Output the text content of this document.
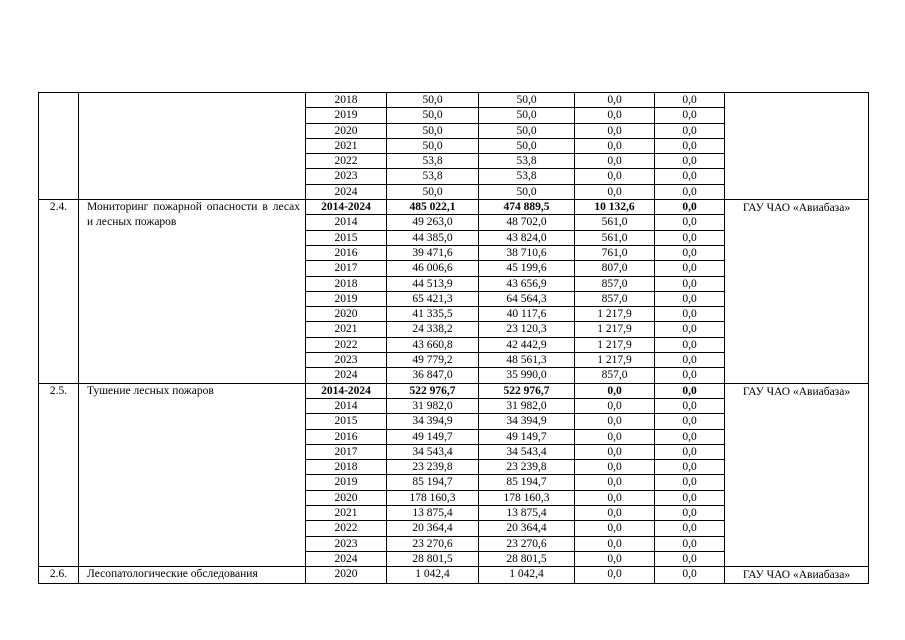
		2018	50,0	50,0	0,0	0,0	
		2019	50,0	50,0	0,0	0,0	
		2020	50,0	50,0	0,0	0,0	
		2021	50,0	50,0	0,0	0,0	
		2022	53,8	53,8	0,0	0,0	
		2023	53,8	53,8	0,0	0,0	
		2024	50,0	50,0	0,0	0,0	
2.4.	Мониторинг пожарной опасности в лесах и лесных пожаров	2014-2024	485 022,1	474 889,5	10 132,6	0,0	ГАУ ЧАО «Авиабаза»
		2014	49 263,0	48 702,0	561,0	0,0	
		2015	44 385,0	43 824,0	561,0	0,0	
		2016	39 471,6	38 710,6	761,0	0,0	
		2017	46 006,6	45 199,6	807,0	0,0	
		2018	44 513,9	43 656,9	857,0	0,0	
		2019	65 421,3	64 564,3	857,0	0,0	
		2020	41 335,5	40 117,6	1 217,9	0,0	
		2021	24 338,2	23 120,3	1 217,9	0,0	
		2022	43 660,8	42 442,9	1 217,9	0,0	
		2023	49 779,2	48 561,3	1 217,9	0,0	
		2024	36 847,0	35 990,0	857,0	0,0	
2.5.	Тушение лесных пожаров	2014-2024	522 976,7	522 976,7	0,0	0,0	ГАУ ЧАО «Авиабаза»
		2014	31 982,0	31 982,0	0,0	0,0	
		2015	34 394,9	34 394,9	0,0	0,0	
		2016	49 149,7	49 149,7	0,0	0,0	
		2017	34 543,4	34 543,4	0,0	0,0	
		2018	23 239,8	23 239,8	0,0	0,0	
		2019	85 194,7	85 194,7	0,0	0,0	
		2020	178 160,3	178 160,3	0,0	0,0	
		2021	13 875,4	13 875,4	0,0	0,0	
		2022	20 364,4	20 364,4	0,0	0,0	
		2023	23 270,6	23 270,6	0,0	0,0	
		2024	28 801,5	28 801,5	0,0	0,0	
2.6.	Лесопатологические обследования	2020	1 042,4	1 042,4	0,0	0,0	ГАУ ЧАО «Авиабаза»
